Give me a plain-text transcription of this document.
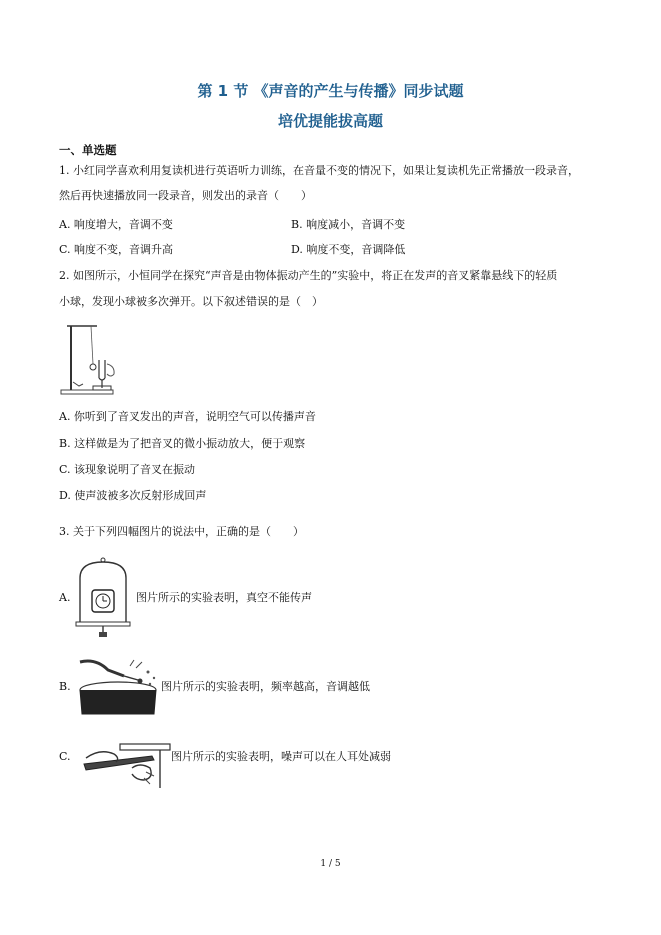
第 1 节 《声音的产生与传播》同步试题
培优提能拔高题
一、单选题
1. 小红同学喜欢利用复读机进行英语听力训练，在音量不变的情况下，如果让复读机先正常播放一段录音，
然后再快速播放同一段录音，则发出的录音（　　）
A. 响度增大，音调不变	B. 响度减小，音调不变
C. 响度不变，音调升高	D. 响度不变，音调降低
2. 如图所示，小恒同学在探究“声音是由物体振动产生的”实验中，将正在发声的音叉紧靠悬线下的轻质
小球，发现小球被多次弹开。以下叙述错误的是（　）
A. 你听到了音叉发出的声音，说明空气可以传播声音
B. 这样做是为了把音叉的微小振动放大，便于观察
C. 该现象说明了音叉在振动
D. 使声波被多次反射形成回声
3. 关于下列四幅图片的说法中，正确的是（　　）
A.	图片所示的实验表明，真空不能传声
B.	图片所示的实验表明，频率越高，音调越低
C.	图片所示的实验表明，噪声可以在人耳处减弱
1 / 5
